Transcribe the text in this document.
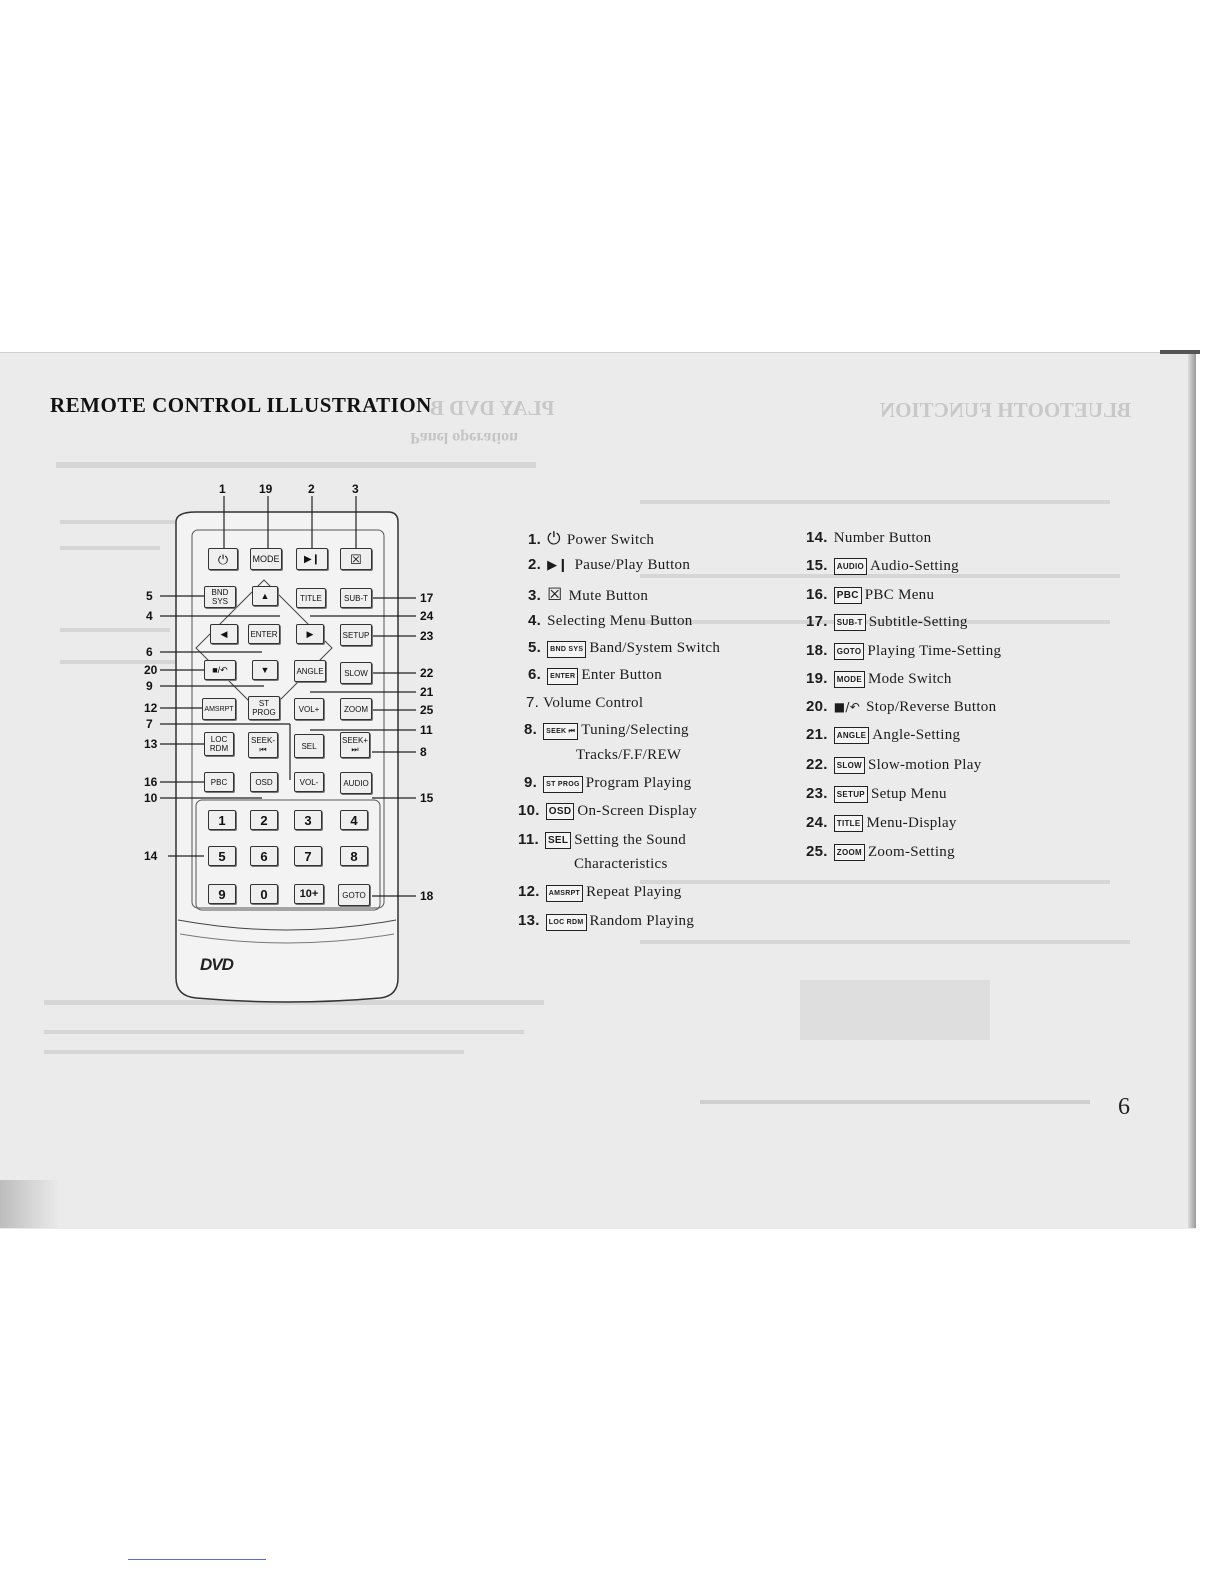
BLUETOOTH FUNCTION
PLAY DVD B
Panel operation
REMOTE CONTROL ILLUSTRATION
⏻	MODE	▶❙	☒
BND SYS
▲	TITLE	SUB-T
◀	ENTER	▶	SETUP
■/↶	▼	ANGLE	SLOW
AMSRPT
ST PROG	VOL+	ZOOM
LOC RDM
SEEK- ⏮	SEL
SEEK+ ⏭
PBC	OSD	VOL-	AUDIO
1	2	3	4
5	6	7	8
9	0	10+	GOTO
DVD
1	19	2	3
5
4
6
20
9
12
7
13
16
10
14
17
24
23
22
21
25
11
8
15
18
1. ⏻ Power Switch
2. ▶❙ Pause/Play Button
3. ☒ Mute Button
4. Selecting Menu Button
5. BND SYS Band/System Switch
6. ENTER Enter Button
7. Volume Control
8. SEEK ⏮ Tuning/Selecting
Tracks/F.F/REW
9. ST PROG Program Playing
10. OSD On-Screen Display
11. SEL Setting the Sound
Characteristics
12. AMSRPT Repeat Playing
13. LOC RDM Random Playing
14. Number Button
15. AUDIO Audio-Setting
16. PBC PBC Menu
17. SUB-T Subtitle-Setting
18. GOTO Playing Time-Setting
19. MODE Mode Switch
20. ■/↶ Stop/Reverse Button
21. ANGLE Angle-Setting
22. SLOW Slow-motion Play
23. SETUP Setup Menu
24. TITLE Menu-Display
25. ZOOM Zoom-Setting
6
